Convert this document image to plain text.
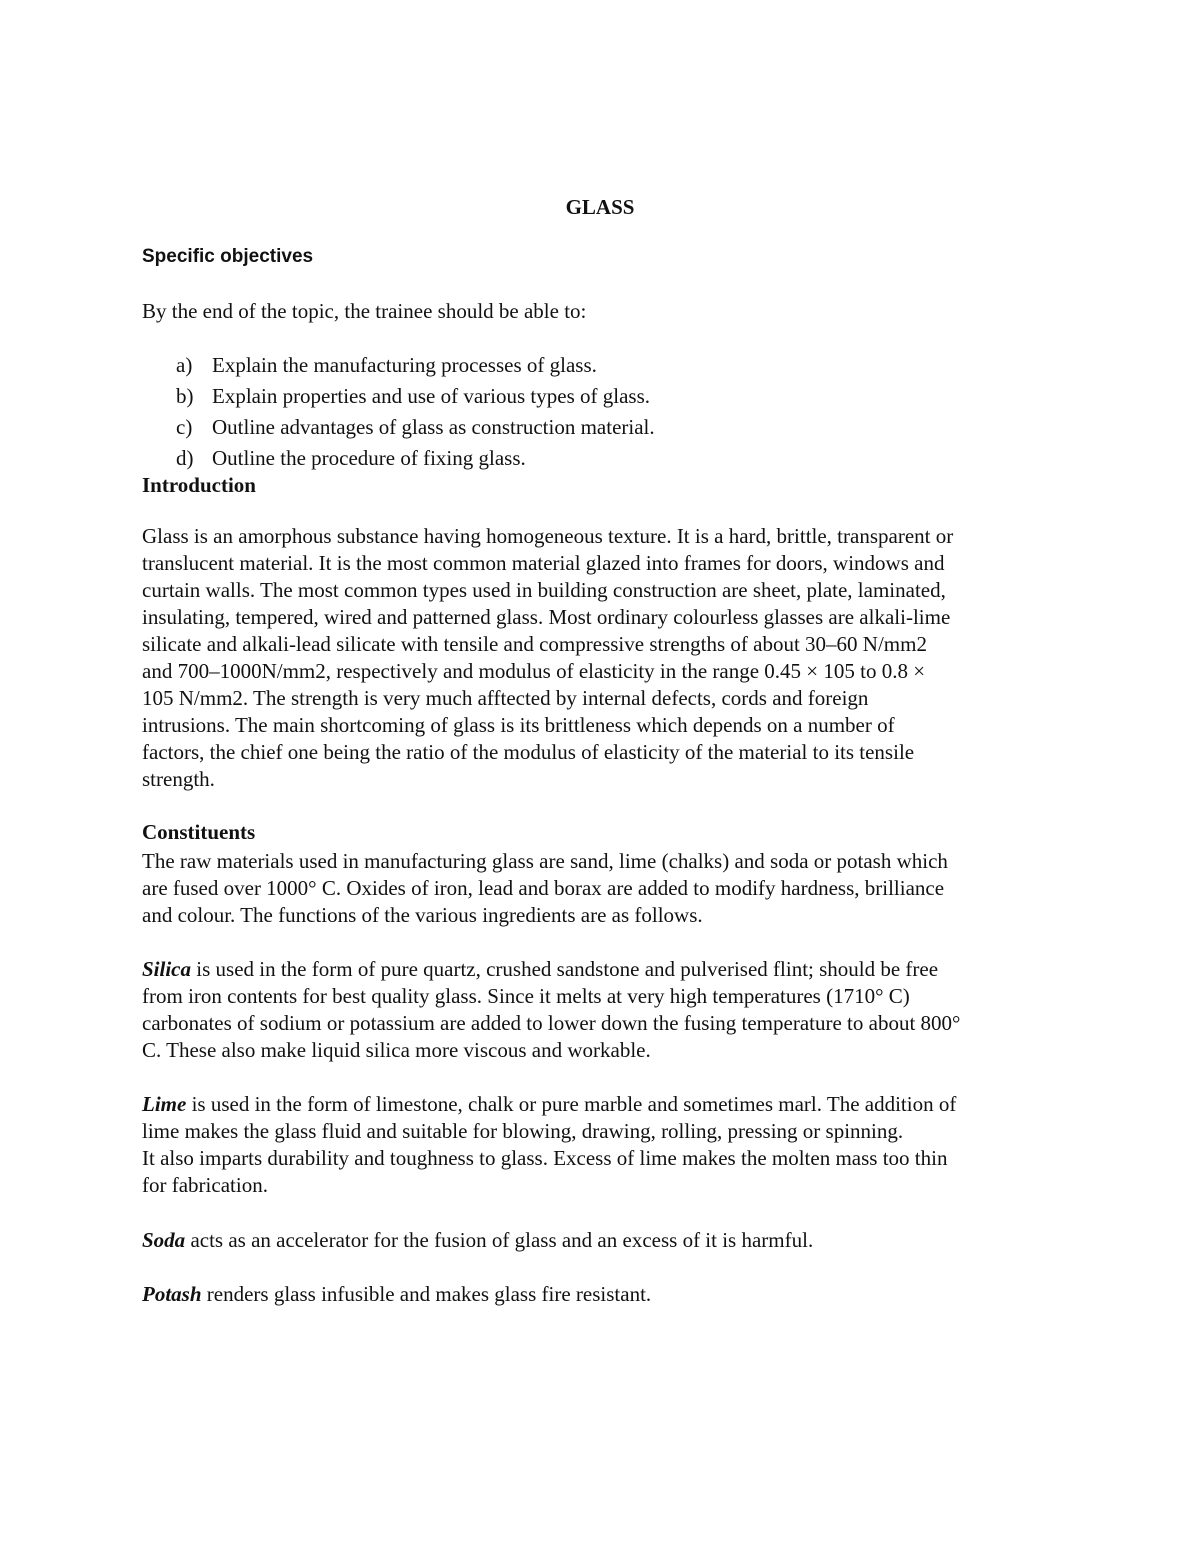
GLASS
Specific objectives
By the end of the topic, the trainee should be able to:
a) Explain the manufacturing processes of glass.
b) Explain properties and use of various types of glass.
c) Outline advantages of glass as construction material.
d) Outline the procedure of fixing glass.
Introduction
Glass is an amorphous substance having homogeneous texture. It is a hard, brittle, transparent or
translucent material. It is the most common material glazed into frames for doors, windows and
curtain walls. The most common types used in building construction are sheet, plate, laminated,
insulating, tempered, wired and patterned glass. Most ordinary colourless glasses are alkali-lime
silicate and alkali-lead silicate with tensile and compressive strengths of about 30–60 N/mm2
and 700–1000N/mm2, respectively and modulus of elasticity in the range 0.45 × 105 to 0.8 ×
105 N/mm2. The strength is very much afftected by internal defects, cords and foreign
intrusions. The main shortcoming of glass is its brittleness which depends on a number of
factors, the chief one being the ratio of the modulus of elasticity of the material to its tensile
strength.
Constituents
The raw materials used in manufacturing glass are sand, lime (chalks) and soda or potash which
are fused over 1000° C. Oxides of iron, lead and borax are added to modify hardness, brilliance
and colour. The functions of the various ingredients are as follows.
Silica is used in the form of pure quartz, crushed sandstone and pulverised flint; should be free
from iron contents for best quality glass. Since it melts at very high temperatures (1710° C)
carbonates of sodium or potassium are added to lower down the fusing temperature to about 800°
C. These also make liquid silica more viscous and workable.
Lime is used in the form of limestone, chalk or pure marble and sometimes marl. The addition of
lime makes the glass fluid and suitable for blowing, drawing, rolling, pressing or spinning.
It also imparts durability and toughness to glass. Excess of lime makes the molten mass too thin
for fabrication.
Soda acts as an accelerator for the fusion of glass and an excess of it is harmful.
Potash renders glass infusible and makes glass fire resistant.
